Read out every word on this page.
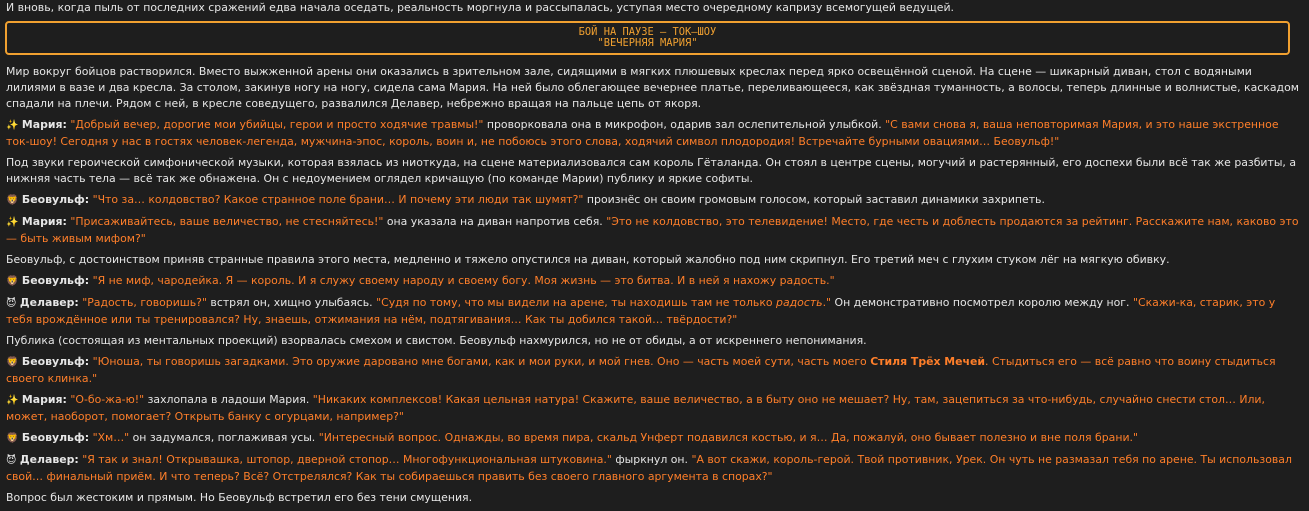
И вновь, когда пыль от последних сражений едва начала оседать, реальность моргнула и рассыпалась, уступая место очередному капризу всемогущей ведущей.
БОЙ НА ПАУЗЕ – ТОК–ШОУ
"ВЕЧЕРНЯЯ МАРИЯ"
Мир вокруг бойцов растворился. Вместо выжженной арены они оказались в зрительном зале, сидящими в мягких плюшевых креслах перед ярко освещённой сценой. На сцене — шикарный диван, стол с водяными лилиями в вазе и два кресла. За столом, закинув ногу на ногу, сидела сама Мария. На ней было облегающее вечернее платье, переливающееся, как звёздная туманность, а волосы, теперь длинные и волнистые, каскадом спадали на плечи. Рядом с ней, в кресле соведущего, развалился Делавер, небрежно вращая на пальце цепь от якоря.
✨ Мария: "Добрый вечер, дорогие мои убийцы, герои и просто ходячие травмы!" проворковала она в микрофон, одарив зал ослепительной улыбкой. "С вами снова я, ваша неповторимая Мария, и это наше экстренное ток-шоу! Сегодня у нас в гостях человек-легенда, мужчина-эпос, король, воин и, не побоюсь этого слова, ходячий символ плодородия! Встречайте бурными овациями… Беовульф!"
Под звуки героической симфонической музыки, которая взялась из ниоткуда, на сцене материализовался сам король Гёталанда. Он стоял в центре сцены, могучий и растерянный, его доспехи были всё так же разбиты, а нижняя часть тела — всё так же обнажена. Он с недоумением оглядел кричащую (по команде Марии) публику и яркие софиты.
🦁 Беовульф: "Что за… колдовство? Какое странное поле брани… И почему эти люди так шумят?" произнёс он своим громовым голосом, который заставил динамики захрипеть.
✨ Мария: "Присаживайтесь, ваше величество, не стесняйтесь!" она указала на диван напротив себя. "Это не колдовство, это телевидение! Место, где честь и доблесть продаются за рейтинг. Расскажите нам, каково это — быть живым мифом?"
Беовульф, с достоинством приняв странные правила этого места, медленно и тяжело опустился на диван, который жалобно под ним скрипнул. Его третий меч с глухим стуком лёг на мягкую обивку.
🦁 Беовульф: "Я не миф, чародейка. Я — король. И я служу своему народу и своему богу. Моя жизнь — это битва. И в ней я нахожу радость."
😈 Делавер: "Радость, говоришь?" встрял он, хищно улыбаясь. "Судя по тому, что мы видели на арене, ты находишь там не только радость." Он демонстративно посмотрел королю между ног. "Скажи-ка, старик, это у тебя врождённое или ты тренировался? Ну, знаешь, отжимания на нём, подтягивания… Как ты добился такой… твёрдости?"
Публика (состоящая из ментальных проекций) взорвалась смехом и свистом. Беовульф нахмурился, но не от обиды, а от искреннего непонимания.
🦁 Беовульф: "Юноша, ты говоришь загадками. Это оружие даровано мне богами, как и мои руки, и мой гнев. Оно — часть моей сути, часть моего Стиля Трёх Мечей. Стыдиться его — всё равно что воину стыдиться своего клинка."
✨ Мария: "О-бо-жа-ю!" захлопала в ладоши Мария. "Никаких комплексов! Какая цельная натура! Скажите, ваше величество, а в быту оно не мешает? Ну, там, зацепиться за что-нибудь, случайно снести стол… Или, может, наоборот, помогает? Открыть банку с огурцами, например?"
🦁 Беовульф: "Хм…" он задумался, поглаживая усы. "Интересный вопрос. Однажды, во время пира, скальд Унферт подавился костью, и я… Да, пожалуй, оно бывает полезно и вне поля брани."
😈 Делавер: "Я так и знал! Открывашка, штопор, дверной стопор… Многофункциональная штуковина." фыркнул он. "А вот скажи, король-герой. Твой противник, Урек. Он чуть не размазал тебя по арене. Ты использовал свой… финальный приём. И что теперь? Всё? Отстрелялся? Как ты собираешься править без своего главного аргумента в спорах?"
Вопрос был жестоким и прямым. Но Беовульф встретил его без тени смущения.
